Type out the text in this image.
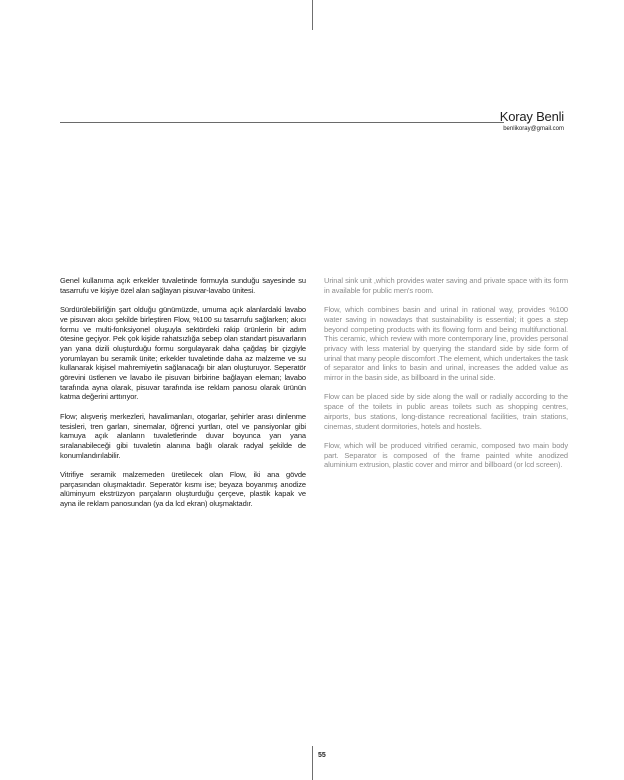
Koray Benli
benlikoray@gmail.com

Genel kullanıma açık erkekler tuvaletinde formuyla sunduğu sayesinde su tasarrufu ve kişiye özel alan sağlayan pisuvar-lavabo ünitesi.

Sürdürülebilirliğin şart olduğu günümüzde, umuma açık alanlardaki lavabo ve pisuvarı akıcı şekilde birleştiren Flow, %100 su tasarrufu sağlarken; akıcı formu ve multi-fonksiyonel oluşuyla sektördeki rakip ürünlerin bir adım ötesine geçiyor. Pek çok kişide rahatsızlığa sebep olan standart pisuvarların yan yana dizili oluşturduğu formu sorgulayarak daha çağdaş bir çizgiyle yorumlayan bu seramik ünite; erkekler tuvaletinde daha az malzeme ve su kullanarak kişisel mahremiyetin sağlanacağı bir alan oluşturuyor. Seperatör görevini üstlenen ve lavabo ile pisuvarı birbirine bağlayan eleman; lavabo tarafında ayna olarak, pisuvar tarafında ise reklam panosu olarak ürünün katma değerini arttırıyor.

Flow; alışveriş merkezleri, havalimanları, otogarlar, şehirler arası dinlenme tesisleri, tren garları, sinemalar, öğrenci yurtları, otel ve pansiyonlar gibi kamuya açık alanların tuvaletlerinde duvar boyunca yan yana sıralanabileceği gibi tuvaletin alanına bağlı olarak radyal şekilde de konumlandırılabilir.

Vitrifiye seramik malzemeden üretilecek olan Flow, iki ana gövde parçasından oluşmaktadır. Seperatör kısmı ise; beyaza boyanmış anodize alüminyum ekstrüzyon parçaların oluşturduğu çerçeve, plastik kapak ve ayna ile reklam panosundan (ya da lcd ekran) oluşmaktadır.

Urinal sink unit ,which provides water saving and private space with its form in available for public men's room.

Flow, which combines basin and urinal in rational way, provides %100 water saving in nowadays that sustainability is essential; it goes a step beyond competing products with its flowing form and being multifunctional. This ceramic, which review with more contemporary line, provides personal privacy with less material by querying the standard side by side form of urinal that many people discomfort .The element, which undertakes the task of separator and links to basin and urinal, increases the added value as mirror in the basin side, as billboard in the urinal side.

Flow can be placed side by side along the wall or radially according to the space of the toilets in public areas toilets such as shopping centres, airports, bus stations, long-distance recreational facilities, train stations, cinemas, student dormitories, hotels and hostels.

Flow, which will be produced vitrified ceramic, composed two main body part. Separator is composed of the frame painted white anodized aluminium extrusion, plastic cover and mirror and billboard (or lcd screen).

55
